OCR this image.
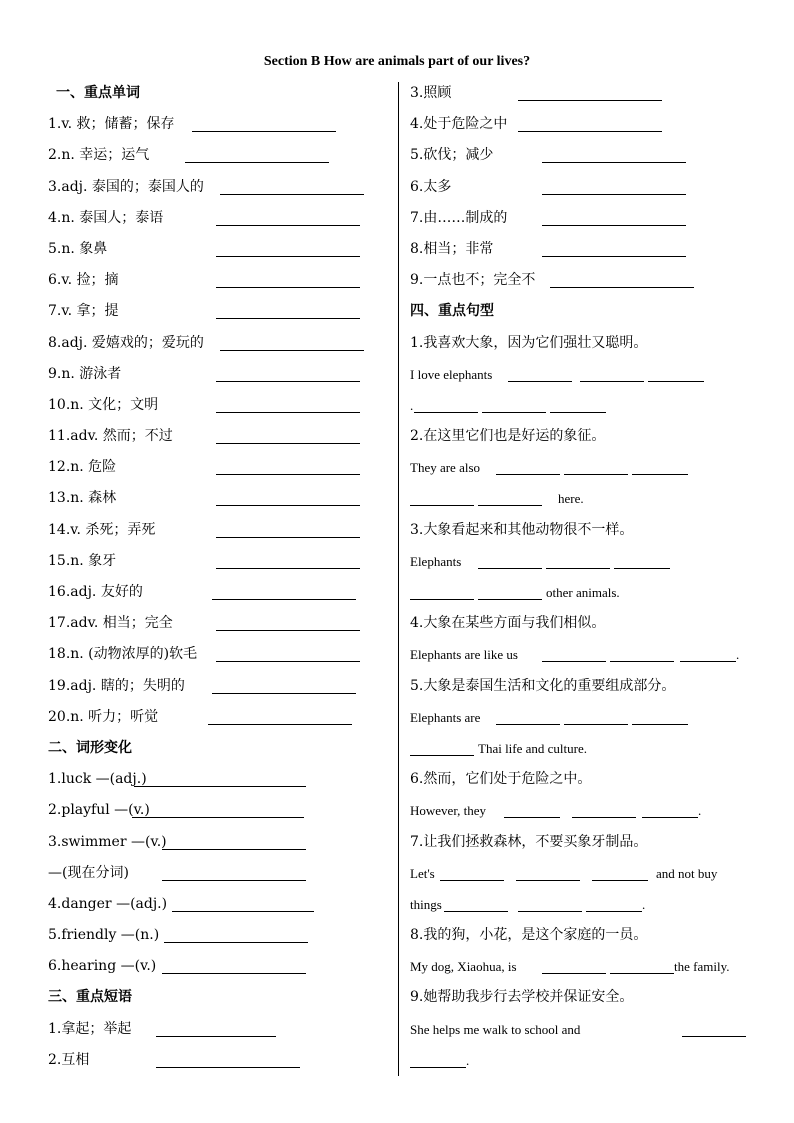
Section B How are animals part of our lives?
一、重点单词
1.v. 救；储蓄；保存
2.n. 幸运；运气
3.adj. 泰国的；泰国人的
4.n. 泰国人；泰语
5.n. 象鼻
6.v. 捡；摘
7.v. 拿；提
8.adj. 爱嬉戏的；爱玩的
9.n. 游泳者
10.n. 文化；文明
11.adv. 然而；不过
12.n. 危险
13.n. 森林
14.v. 杀死；弄死
15.n. 象牙
16.adj. 友好的
17.adv. 相当；完全
18.n. (动物浓厚的)软毛
19.adj. 瞎的；失明的
20.n. 听力；听觉
二、词形变化
1.luck —(adj.)
2.playful —(v.)
3.swimmer —(v.)
—(现在分词)
4.danger —(adj.)
5.friendly —(n.)
6.hearing —(v.)
三、重点短语
1.拿起；举起
2.互相
3.照顾
4.处于危险之中
5.砍伐；减少
6.太多
7.由……制成的
8.相当；非常
9.一点也不；完全不
四、重点句型
1.我喜欢大象，因为它们强壮又聪明。
I love elephants
.
2.在这里它们也是好运的象征。
They are also
here.
3.大象看起来和其他动物很不一样。
Elephants
other animals.
4.大象在某些方面与我们相似。
Elephants are like us	.
5.大象是泰国生活和文化的重要组成部分。
Elephants are
Thai life and culture.
6.然而，它们处于危险之中。
However, they	.
7.让我们拯救森林，不要买象牙制品。
Let's	and not buy
things	.
8.我的狗，小花，是这个家庭的一员。
My dog, Xiaohua, is	the family.
9.她帮助我步行去学校并保证安全。
She helps me walk to school and
.
